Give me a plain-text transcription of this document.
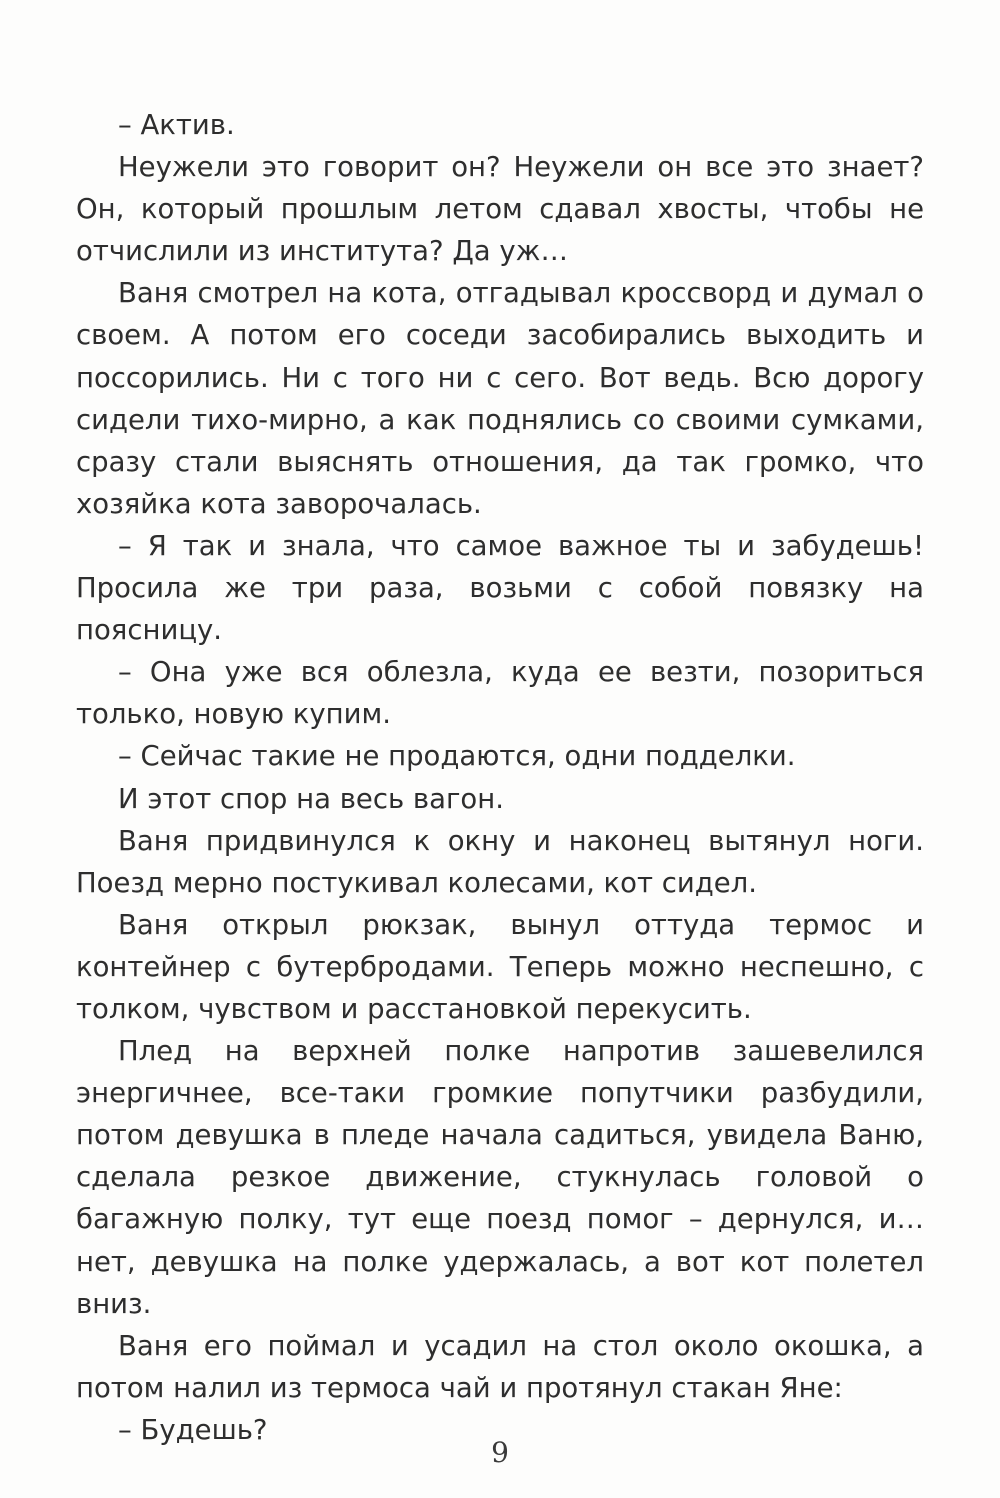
– Актив.

Неужели это говорит он? Неужели он все это знает? Он, который прошлым летом сдавал хвосты, чтобы не отчислили из института? Да уж…

Ваня смотрел на кота, отгадывал кроссворд и думал о своем. А потом его соседи засобирались выходить и поссорились. Ни с того ни с сего. Вот ведь. Всю дорогу сидели тихо-мирно, а как поднялись со своими сумками, сразу стали выяснять отношения, да так громко, что хозяйка кота заворочалась.

– Я так и знала, что самое важное ты и забудешь! Просила же три раза, возьми с собой повязку на поясницу.

– Она уже вся облезла, куда ее везти, позориться только, новую купим.

– Сейчас такие не продаются, одни подделки.

И этот спор на весь вагон.

Ваня придвинулся к окну и наконец вытянул ноги. Поезд мерно постукивал колесами, кот сидел.

Ваня открыл рюкзак, вынул оттуда термос и контейнер с бутербродами. Теперь можно неспешно, с толком, чувством и расстановкой перекусить.

Плед на верхней полке напротив зашевелился энергичнее, все-таки громкие попутчики разбудили, потом девушка в пледе начала садиться, увидела Ваню, сделала резкое движение, стукнулась головой о багажную полку, тут еще поезд помог – дернулся, и… нет, девушка на полке удержалась, а вот кот полетел вниз.

Ваня его поймал и усадил на стол около окошка, а потом налил из термоса чай и протянул стакан Яне:

– Будешь?

9
